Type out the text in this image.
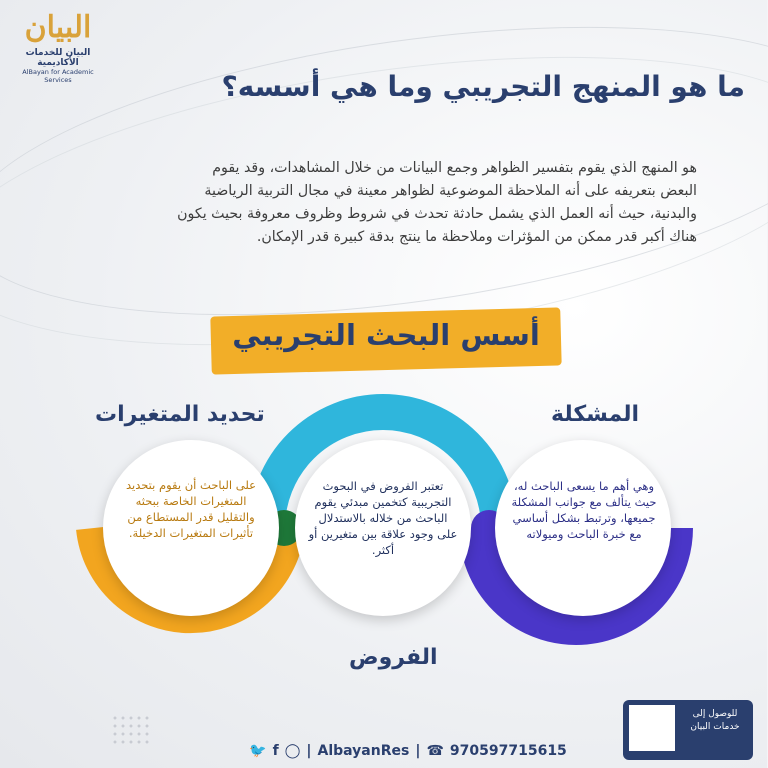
البيان
البيان للخدمات الأكاديمية
AlBayan for Academic Services	ما هو المنهج التجريبي وما هي أسسه؟

هو المنهج الذي يقوم بتفسير الظواهر وجمع البيانات من خلال المشاهدات، وقد يقوم
البعض بتعريفه على أنه الملاحظة الموضوعية لظواهر معينة في مجال التربية الرياضية
والبدنية، حيث أنه العمل الذي يشمل حادثة تحدث في شروط وظروف معروفة بحيث يكون
هناك أكبر قدر ممكن من المؤثرات وملاحظة ما ينتج بدقة كبيرة قدر الإمكان.

أسس البحث التجريبي
تحديد المتغيرات	المشكلة

على الباحث أن يقوم بتحديد المتغيرات الخاصة ببحثه والتقليل قدر المستطاع من تأثيرات المتغيرات الدخيلة.

تعتبر الفروض في البحوث التجريبية كتخمين مبدئي يقوم الباحث من خلاله بالاستدلال على وجود علاقة بين متغيرين أو أكثر.

وهي أهم ما يسعى الباحث له، حيث يتألف مع جوانب المشكلة جميعها، وترتبط بشكل أساسي مع خبرة الباحث وميولاته

الفروض
🐦 f ◯ | AlbayanRes | ☎ 970597715615
للوصول إلى
خدمات البيان
